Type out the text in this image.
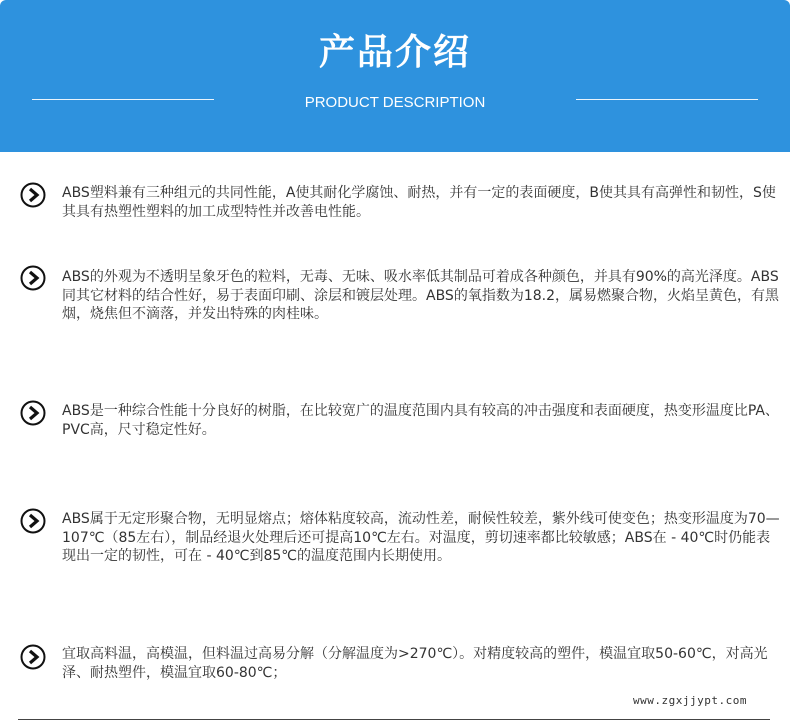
产品介绍
PRODUCT DESCRIPTION
ABS塑料兼有三种组元的共同性能，A使其耐化学腐蚀、耐热，并有一定的表面硬度，B使其具有高弹性和韧性，S使其具有热塑性塑料的加工成型特性并改善电性能。
ABS的外观为不透明呈象牙色的粒料，无毒、无味、吸水率低其制品可着成各种颜色，并具有90%的高光泽度。ABS同其它材料的结合性好，易于表面印刷、涂层和镀层处理。ABS的氧指数为18.2，属易燃聚合物，火焰呈黄色，有黑烟，烧焦但不滴落，并发出特殊的肉桂味。
ABS是一种综合性能十分良好的树脂，在比较宽广的温度范围内具有较高的冲击强度和表面硬度，热变形温度比PA、PVC高，尺寸稳定性好。
ABS属于无定形聚合物，无明显熔点；熔体粘度较高，流动性差，耐候性较差，紫外线可使变色；热变形温度为70—107℃（85左右），制品经退火处理后还可提高10℃左右。对温度，剪切速率都比较敏感；ABS在 - 40℃时仍能表现出一定的韧性，可在 - 40℃到85℃的温度范围内长期使用。
宜取高料温，高模温，但料温过高易分解（分解温度为>270℃）。对精度较高的塑件，模温宜取50-60℃，对高光泽、耐热塑件，模温宜取60-80℃；
www.zgxjjypt.com
